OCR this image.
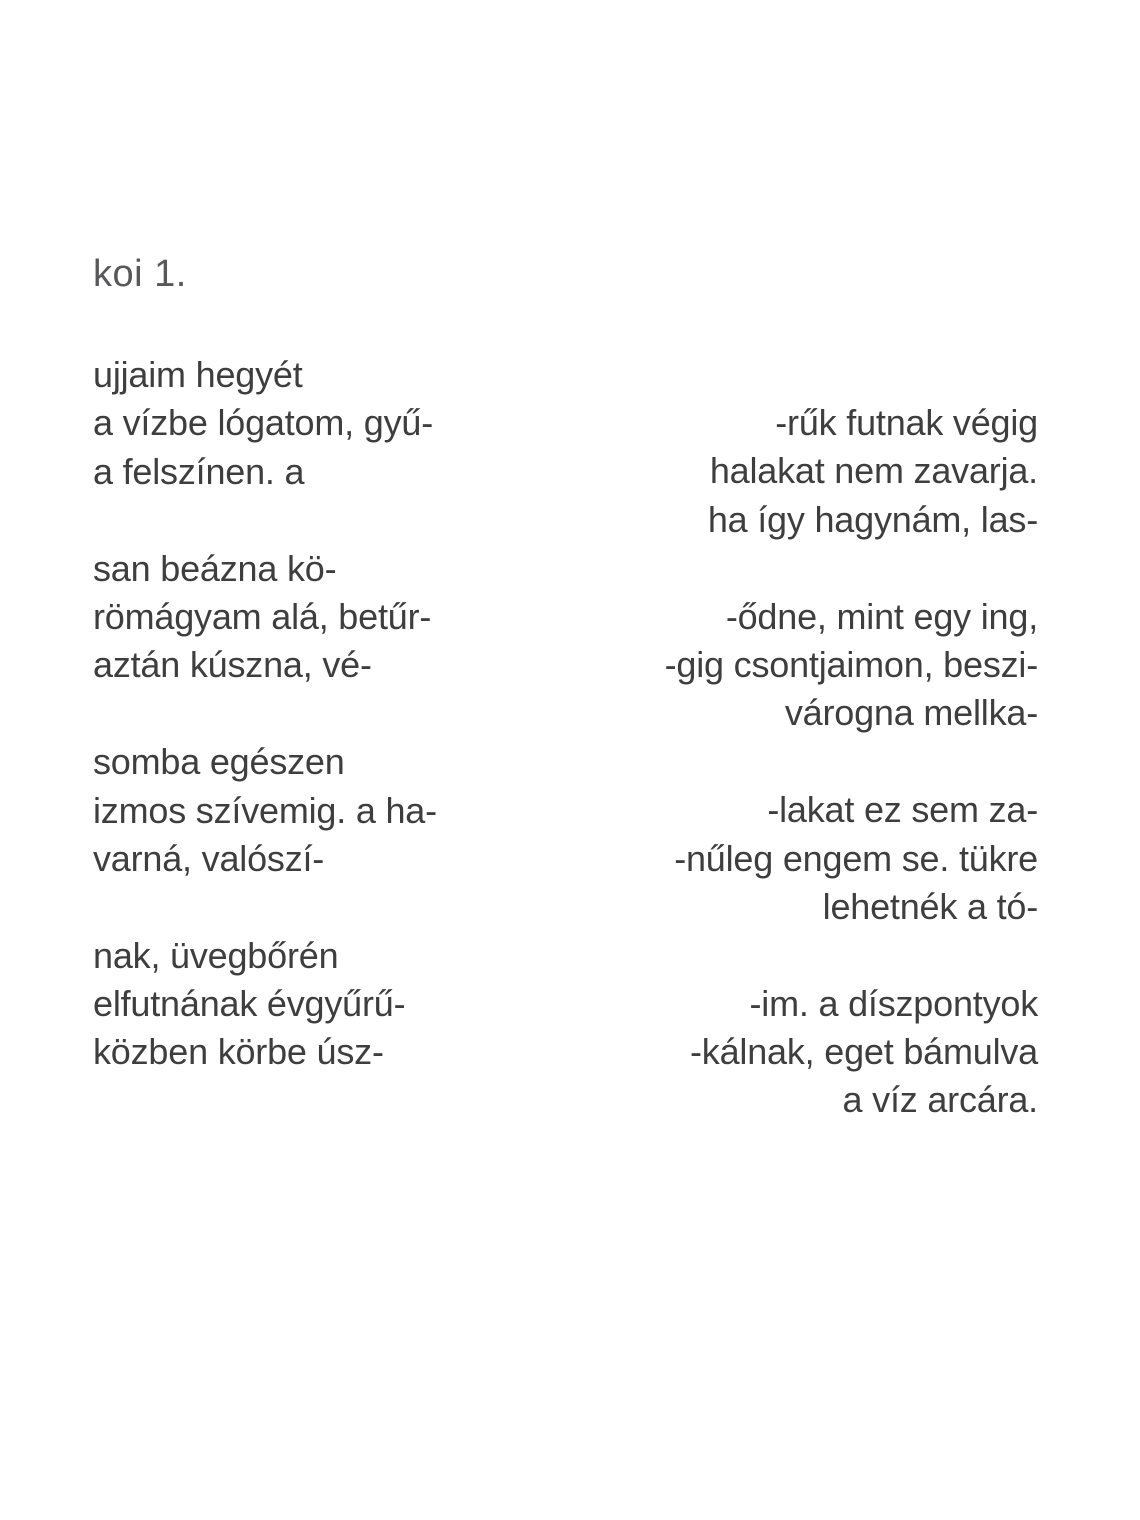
koi 1.
ujjaim hegyét
a vízbe lógatom, gyű-
a felszínen. a
san beázna kö-
römágyam alá, betűr-
aztán kúszna, vé-
somba egészen
izmos szívemig. a ha-
varná, valószí-
nak, üvegbőrén
elfutnának évgyűrű-
közben körbe úsz-
-rűk futnak végig
halakat nem zavarja.
ha így hagynám, las-
-ődne, mint egy ing,
-gig csontjaimon, beszi-
várogna mellka-
-lakat ez sem za-
-nűleg engem se. tükre
lehetnék a tó-
-im. a díszpontyok
-kálnak, eget bámulva
a víz arcára.
